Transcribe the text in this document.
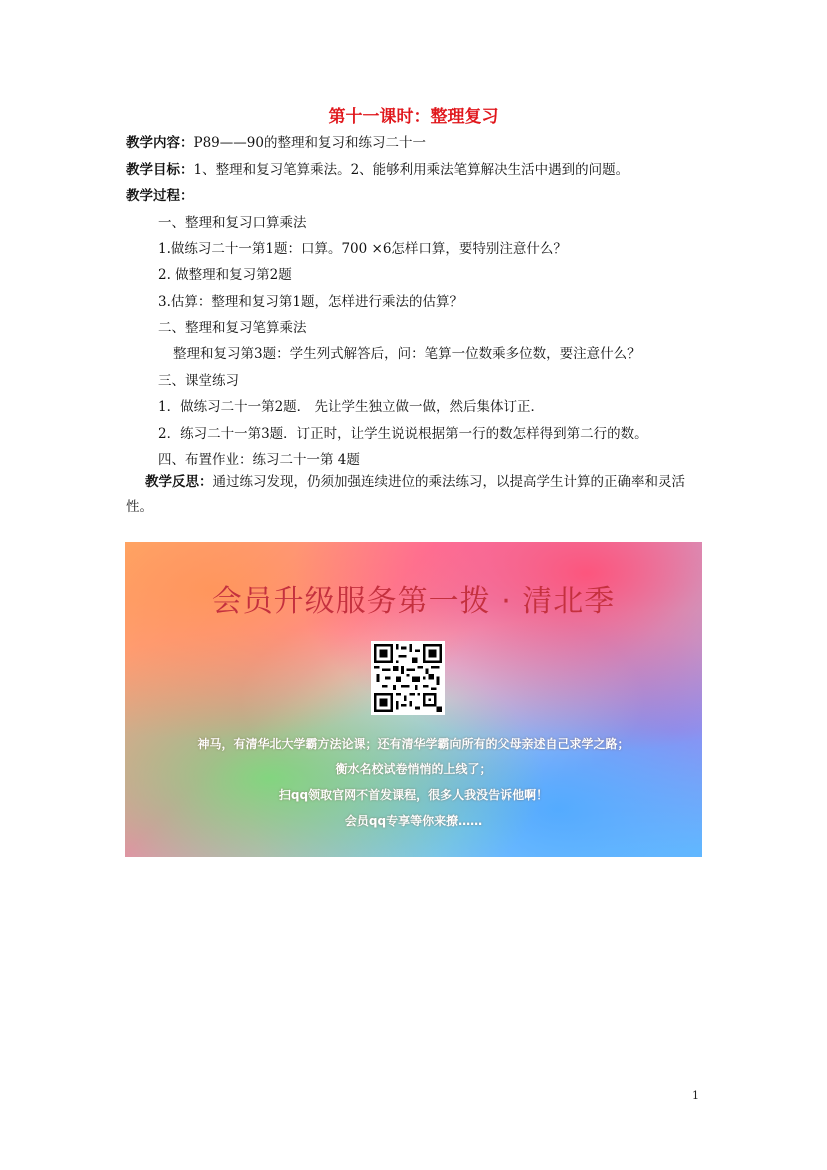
第十一课时：整理复习
教学内容：P89——90的整理和复习和练习二十一
教学目标：1、整理和复习笔算乘法。2、能够利用乘法笔算解决生活中遇到的问题。
教学过程：
一、整理和复习口算乘法
1.做练习二十一第1题：口算。700 ×6怎样口算，要特别注意什么？
2. 做整理和复习第2题
3.估算：整理和复习第1题，怎样进行乘法的估算？
二、整理和复习笔算乘法
整理和复习第3题：学生列式解答后，问：笔算一位数乘多位数，要注意什么？
三、课堂练习
1．做练习二十一第2题． 先让学生独立做一做，然后集体订正．
2．练习二十一第3题．订正时，让学生说说根据第一行的数怎样得到第二行的数。
四、布置作业：练习二十一第 4题
教学反思：通过练习发现，仍须加强连续进位的乘法练习，以提高学生计算的正确率和灵活性。
会员升级服务第一拨 · 清北季
神马，有清华北大学霸方法论课；还有清华学霸向所有的父母亲述自己求学之路；
衡水名校试卷悄悄的上线了；
扫qq领取官网不首发课程，很多人我没告诉他啊！
会员qq专享等你来撩……
1
